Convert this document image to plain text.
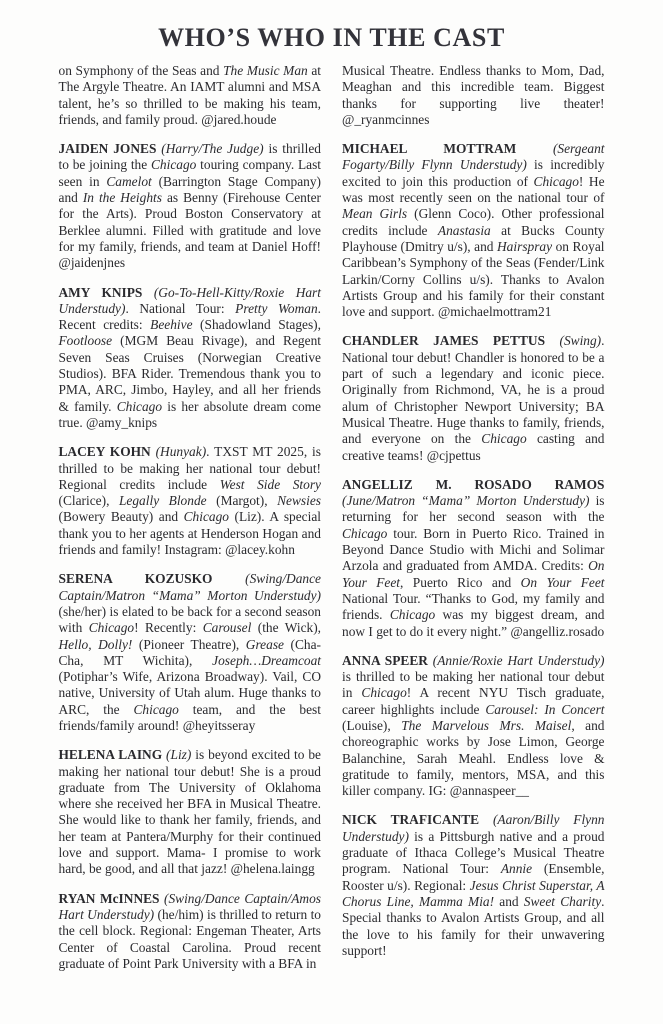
WHO’S WHO IN THE CAST

on Symphony of the Seas and The Music Man at The Argyle Theatre. An IAMT alumni and MSA talent, he’s so thrilled to be making his team, friends, and family proud. @jared.houde

JAIDEN JONES (Harry/The Judge) is thrilled to be joining the Chicago touring company. Last seen in Camelot (Barrington Stage Company) and In the Heights as Benny (Firehouse Center for the Arts). Proud Boston Conservatory at Berklee alumni. Filled with gratitude and love for my family, friends, and team at Daniel Hoff! @jaidenjnes

AMY KNIPS (Go-To-Hell-Kitty/Roxie Hart Understudy). National Tour: Pretty Woman. Recent credits: Beehive (Shadowland Stages), Footloose (MGM Beau Rivage), and Regent Seven Seas Cruises (Norwegian Creative Studios). BFA Rider. Tremendous thank you to PMA, ARC, Jimbo, Hayley, and all her friends & family. Chicago is her absolute dream come true. @amy_knips

LACEY KOHN (Hunyak). TXST MT 2025, is thrilled to be making her national tour debut! Regional credits include West Side Story (Clarice), Legally Blonde (Margot), Newsies (Bowery Beauty) and Chicago (Liz). A special thank you to her agents at Henderson Hogan and friends and family! Instagram: @lacey.kohn

SERENA KOZUSKO (Swing/Dance Captain/Matron “Mama” Morton Understudy) (she/her) is elated to be back for a second season with Chicago! Recently: Carousel (the Wick), Hello, Dolly! (Pioneer Theatre), Grease (Cha-Cha, MT Wichita), Joseph…Dreamcoat (Potiphar’s Wife, Arizona Broadway). Vail, CO native, University of Utah alum. Huge thanks to ARC, the Chicago team, and the best friends/family around! @heyitsseray

HELENA LAING (Liz) is beyond excited to be making her national tour debut! She is a proud graduate from The University of Oklahoma where she received her BFA in Musical Theatre. She would like to thank her family, friends, and her team at Pantera/Murphy for their continued love and support. Mama- I promise to work hard, be good, and all that jazz! @helena.laingg

RYAN McINNES (Swing/Dance Captain/Amos Hart Understudy) (he/him) is thrilled to return to the cell block. Regional: Engeman Theater, Arts Center of Coastal Carolina. Proud recent graduate of Point Park University with a BFA in

Musical Theatre. Endless thanks to Mom, Dad, Meaghan and this incredible team. Biggest thanks for supporting live theater! @_ryanmcinnes

MICHAEL MOTTRAM (Sergeant Fogarty/Billy Flynn Understudy) is incredibly excited to join this production of Chicago! He was most recently seen on the national tour of Mean Girls (Glenn Coco). Other professional credits include Anastasia at Bucks County Playhouse (Dmitry u/s), and Hairspray on Royal Caribbean’s Symphony of the Seas (Fender/Link Larkin/Corny Collins u/s). Thanks to Avalon Artists Group and his family for their constant love and support. @michaelmottram21

CHANDLER JAMES PETTUS (Swing). National tour debut! Chandler is honored to be a part of such a legendary and iconic piece. Originally from Richmond, VA, he is a proud alum of Christopher Newport University; BA Musical Theatre. Huge thanks to family, friends, and everyone on the Chicago casting and creative teams! @cjpettus

ANGELLIZ M. ROSADO RAMOS (June/Matron “Mama” Morton Understudy) is returning for her second season with the Chicago tour. Born in Puerto Rico. Trained in Beyond Dance Studio with Michi and Solimar Arzola and graduated from AMDA. Credits: On Your Feet, Puerto Rico and On Your Feet National Tour. “Thanks to God, my family and friends. Chicago was my biggest dream, and now I get to do it every night.” @angelliz.rosado

ANNA SPEER (Annie/Roxie Hart Understudy) is thrilled to be making her national tour debut in Chicago! A recent NYU Tisch graduate, career highlights include Carousel: In Concert (Louise), The Marvelous Mrs. Maisel, and choreographic works by Jose Limon, George Balanchine, Sarah Meahl. Endless love & gratitude to family, mentors, MSA, and this killer company. IG: @annaspeer__

NICK TRAFICANTE (Aaron/Billy Flynn Understudy) is a Pittsburgh native and a proud graduate of Ithaca College’s Musical Theatre program. National Tour: Annie (Ensemble, Rooster u/s). Regional: Jesus Christ Superstar, A Chorus Line, Mamma Mia! and Sweet Charity. Special thanks to Avalon Artists Group, and all the love to his family for their unwavering support!
